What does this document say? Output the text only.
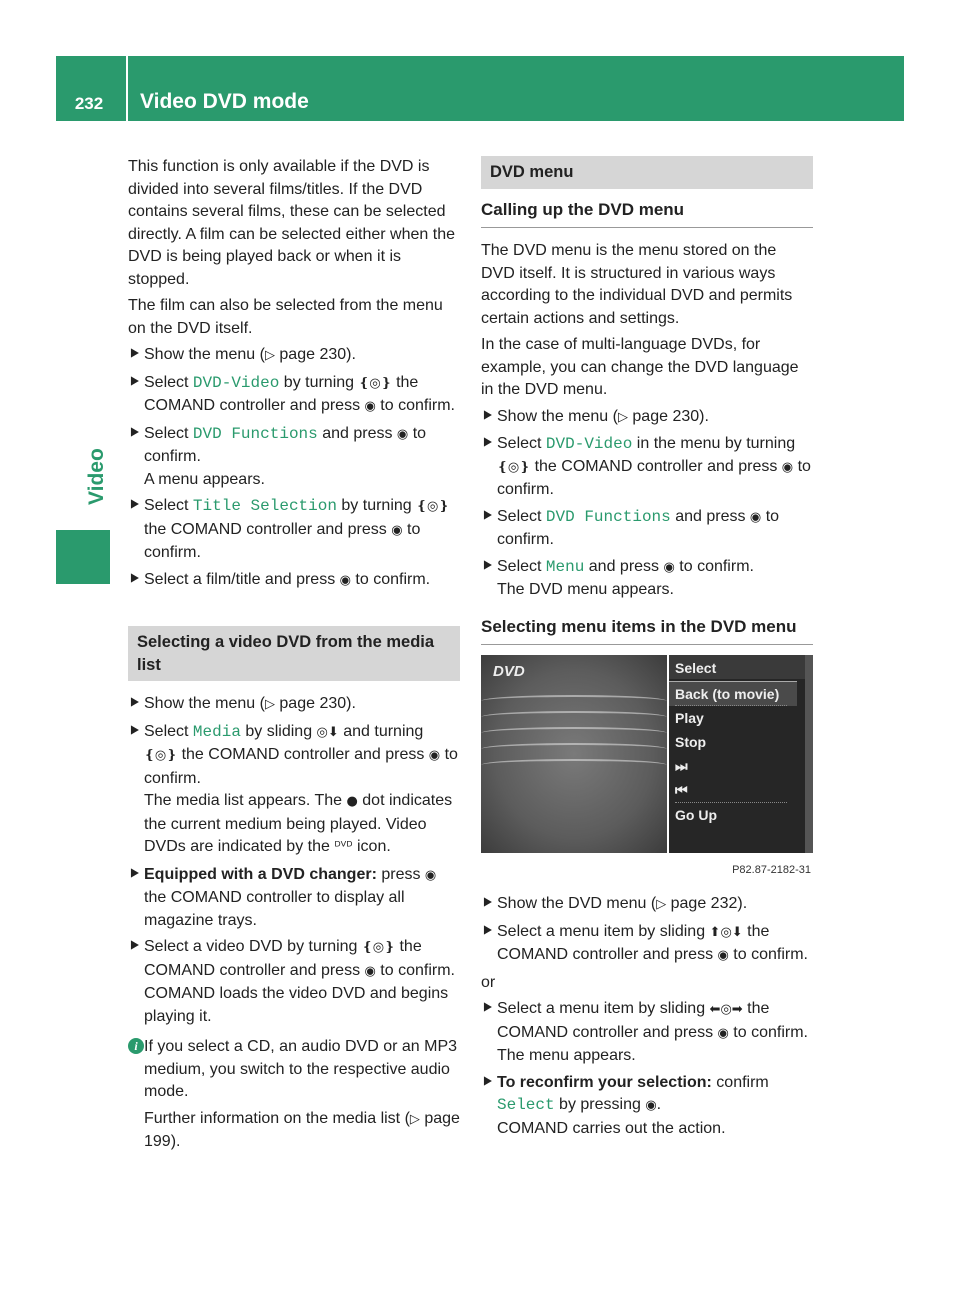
232	Video DVD mode
Video

This function is only available if the DVD is divided into several films/titles. If the DVD contains several films, these can be selected directly. A film can be selected either when the DVD is being played back or when it is stopped.

The film can also be selected from the menu on the DVD itself.

⯈ Show the menu (▷ page 230).
⯈ Select DVD-Video by turning ❴◎❵ the COMAND controller and press ◉ to confirm.
⯈ Select DVD Functions and press ◉ to confirm.
A menu appears.
⯈ Select Title Selection by turning ❴◎❵ the COMAND controller and press ◉ to confirm.
⯈ Select a film/title and press ◉ to confirm.
Selecting a video DVD from the media list
⯈ Show the menu (▷ page 230).
⯈ Select Media by sliding ◎⬇ and turning ❴◎❵ the COMAND controller and press ◉ to confirm.
The media list appears. The ● dot indicates the current medium being played. Video DVDs are indicated by the ᴰⱽᴰ icon.
⯈ Equipped with a DVD changer: press ◉ the COMAND controller to display all magazine trays.
⯈ Select a video DVD by turning ❴◎❵ the COMAND controller and press ◉ to confirm.
COMAND loads the video DVD and begins playing it.
i If you select a CD, an audio DVD or an MP3 medium, you switch to the respective audio mode.

Further information on the media list (▷ page 199).

DVD menu
Calling up the DVD menu

The DVD menu is the menu stored on the DVD itself. It is structured in various ways according to the individual DVD and permits certain actions and settings.

In the case of multi-language DVDs, for example, you can change the DVD language in the DVD menu.

⯈ Show the menu (▷ page 230).
⯈ Select DVD-Video in the menu by turning ❴◎❵ the COMAND controller and press ◉ to confirm.
⯈ Select DVD Functions and press ◉ to confirm.
⯈ Select Menu and press ◉ to confirm.
The DVD menu appears.
Selecting menu items in the DVD menu
DVD	Select
Back (to movie)
Play
Stop
⏭
⏮
Go Up
P82.87-2182-31
⯈ Show the DVD menu (▷ page 232).
⯈ Select a menu item by sliding ⬆◎⬇ the COMAND controller and press ◉ to confirm.

or

⯈ Select a menu item by sliding ⬅◎➡ the COMAND controller and press ◉ to confirm.
The menu appears.
⯈ To reconfirm your selection: confirm Select by pressing ◉.
COMAND carries out the action.
